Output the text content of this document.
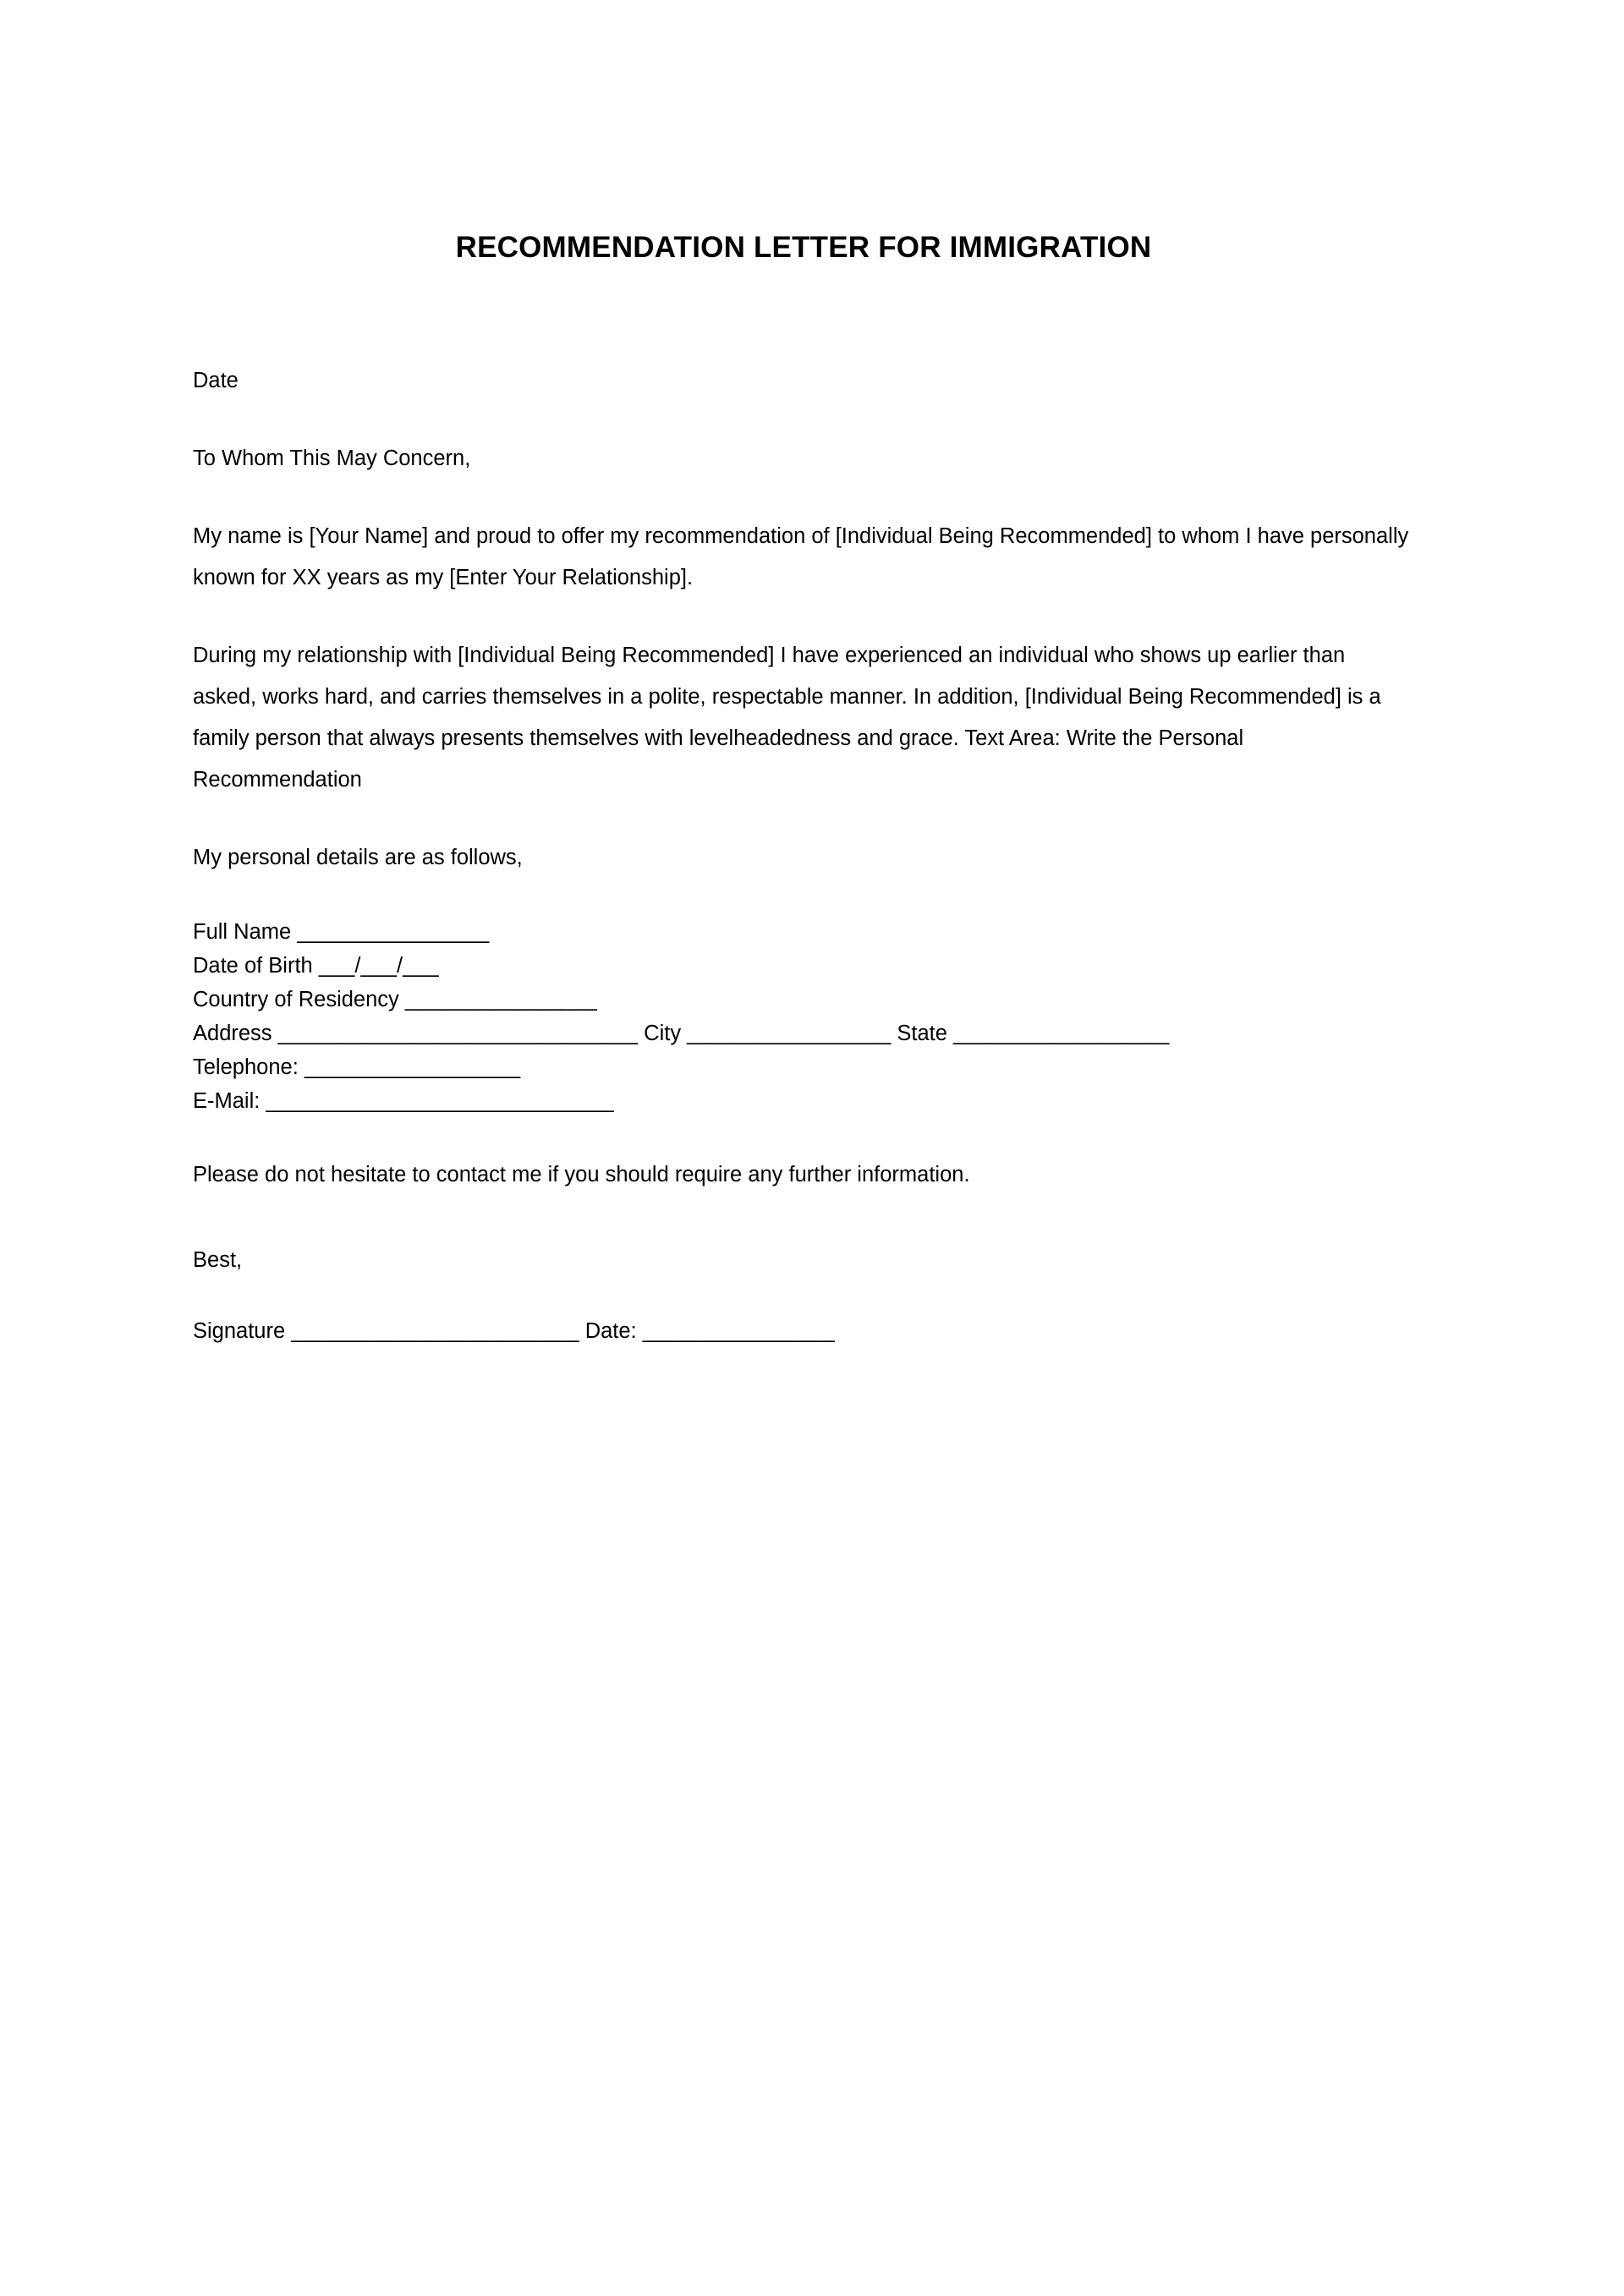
RECOMMENDATION LETTER FOR IMMIGRATION

Date

To Whom This May Concern,

My name is [Your Name] and proud to offer my recommendation of [Individual Being Recommended] to whom I have personally known for XX years as my [Enter Your Relationship].

During my relationship with [Individual Being Recommended] I have experienced an individual who shows up earlier than asked, works hard, and carries themselves in a polite, respectable manner. In addition, [Individual Being Recommended] is a family person that always presents themselves with levelheadedness and grace. Text Area: Write the Personal Recommendation

My personal details are as follows,

Full Name ________________
Date of Birth ___/___/___
Country of Residency ________________
Address ______________________________ City _________________ State __________________
Telephone: __________________
E-Mail: _____________________________

Please do not hesitate to contact me if you should require any further information.

Best,

Signature ________________________ Date: ________________
